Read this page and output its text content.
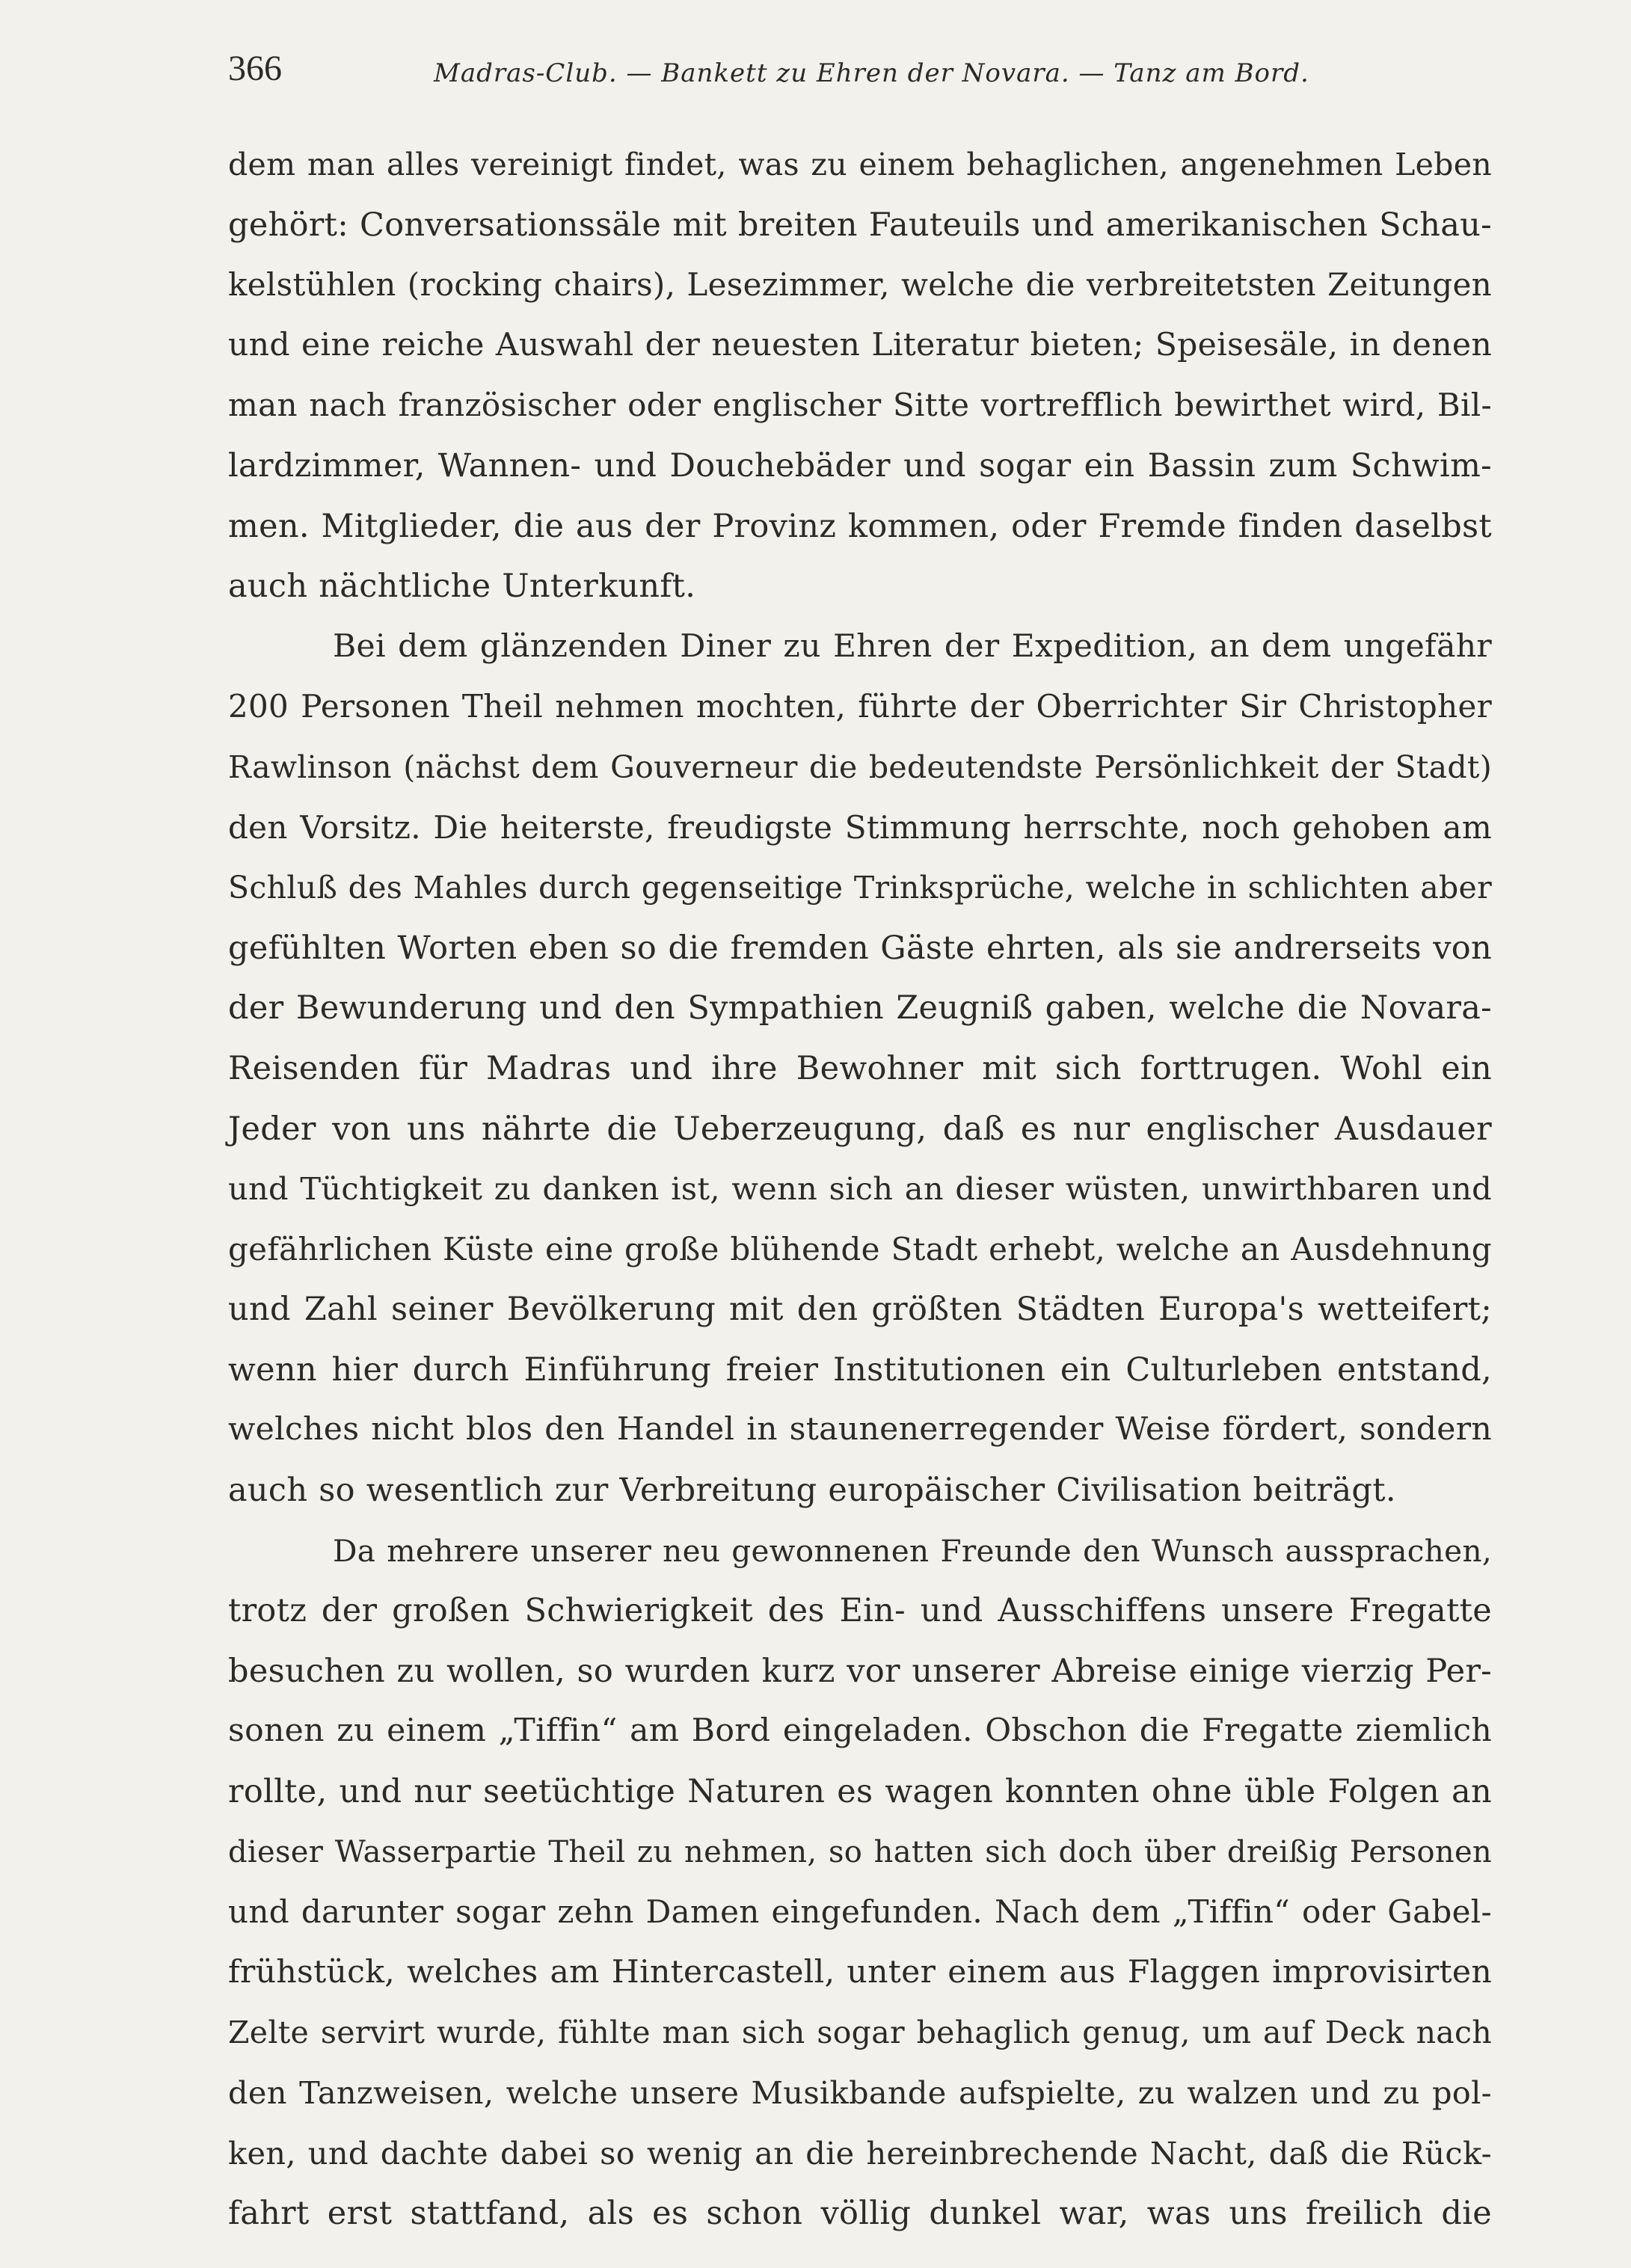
366	Madras-Club. — Bankett zu Ehren der Novara. — Tanz am Bord.
dem man alles vereinigt findet, was zu einem behaglichen, angenehmen Leben
gehört: Conversationssäle mit breiten Fauteuils und amerikanischen Schau-
kelstühlen (rocking chairs), Lesezimmer, welche die verbreitetsten Zeitungen
und eine reiche Auswahl der neuesten Literatur bieten; Speisesäle, in denen
man nach französischer oder englischer Sitte vortrefflich bewirthet wird, Bil-
lardzimmer, Wannen- und Douchebäder und sogar ein Bassin zum Schwim-
men. Mitglieder, die aus der Provinz kommen, oder Fremde finden daselbst
auch nächtliche Unterkunft.
Bei dem glänzenden Diner zu Ehren der Expedition, an dem ungefähr
200 Personen Theil nehmen mochten, führte der Oberrichter Sir Christopher
Rawlinson (nächst dem Gouverneur die bedeutendste Persönlichkeit der Stadt)
den Vorsitz. Die heiterste, freudigste Stimmung herrschte, noch gehoben am
Schluß des Mahles durch gegenseitige Trinksprüche, welche in schlichten aber
gefühlten Worten eben so die fremden Gäste ehrten, als sie andrerseits von
der Bewunderung und den Sympathien Zeugniß gaben, welche die Novara-
Reisenden für Madras und ihre Bewohner mit sich forttrugen. Wohl ein
Jeder von uns nährte die Ueberzeugung, daß es nur englischer Ausdauer
und Tüchtigkeit zu danken ist, wenn sich an dieser wüsten, unwirthbaren und
gefährlichen Küste eine große blühende Stadt erhebt, welche an Ausdehnung
und Zahl seiner Bevölkerung mit den größten Städten Europa's wetteifert;
wenn hier durch Einführung freier Institutionen ein Culturleben entstand,
welches nicht blos den Handel in staunenerregender Weise fördert, sondern
auch so wesentlich zur Verbreitung europäischer Civilisation beiträgt.
Da mehrere unserer neu gewonnenen Freunde den Wunsch aussprachen,
trotz der großen Schwierigkeit des Ein- und Ausschiffens unsere Fregatte
besuchen zu wollen, so wurden kurz vor unserer Abreise einige vierzig Per-
sonen zu einem „Tiffin“ am Bord eingeladen. Obschon die Fregatte ziemlich
rollte, und nur seetüchtige Naturen es wagen konnten ohne üble Folgen an
dieser Wasserpartie Theil zu nehmen, so hatten sich doch über dreißig Personen
und darunter sogar zehn Damen eingefunden. Nach dem „Tiffin“ oder Gabel-
frühstück, welches am Hintercastell, unter einem aus Flaggen improvisirten
Zelte servirt wurde, fühlte man sich sogar behaglich genug, um auf Deck nach
den Tanzweisen, welche unsere Musikbande aufspielte, zu walzen und zu pol-
ken, und dachte dabei so wenig an die hereinbrechende Nacht, daß die Rück-
fahrt erst stattfand, als es schon völlig dunkel war, was uns freilich die
